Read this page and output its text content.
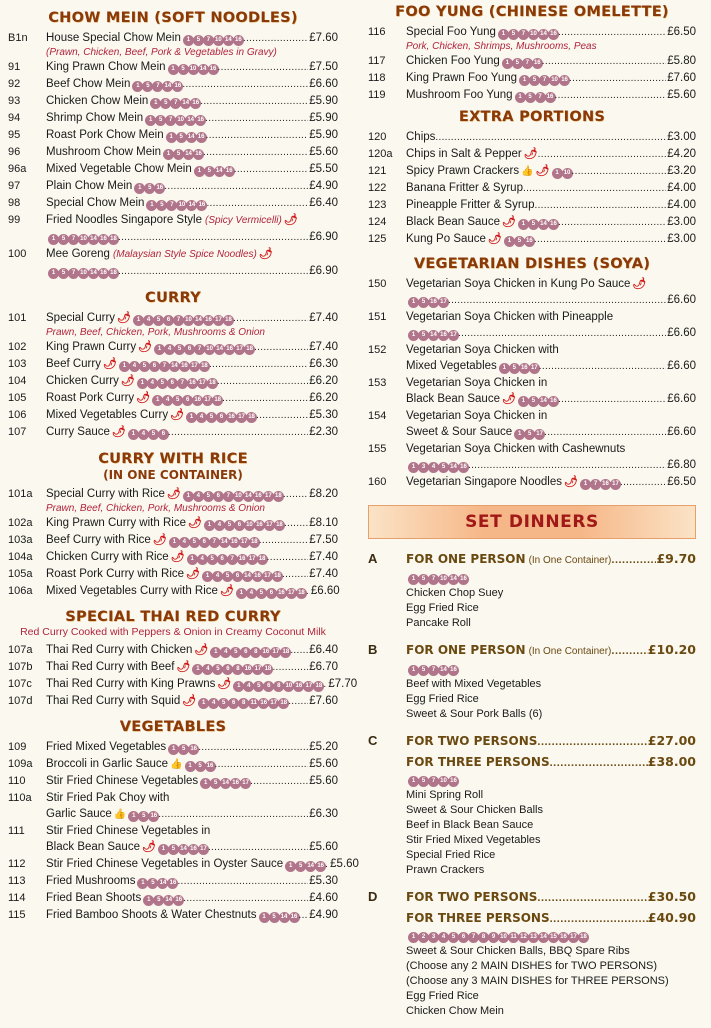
CHOW MEIN (SOFT NOODLES)
B1n	House Special Chow Mein 1	5	7 10 14 16 .....	£7.60
(Prawn, Chicken, Beef, Pork & Vegetables in Gravy)
91	King Prawn Chow Mein 1	5 10 14 16 .....	£7.50
92	Beef Chow Mein 1	5	7 14 16 .....	£6.60
93	Chicken Chow Mein 1	5	7 14 16 .....	£5.90
94	Shrimp Chow Mein 1	5	7 10 14 16 .....	£5.90
95	Roast Pork Chow Mein 1	5 14 16 .....	£5.90
96	Mushroom Chow Mein 1	5 14 16 .....	£5.60
96a	Mixed Vegetable Chow Mein 1	5 14 16 .....	£5.50
97	Plain Chow Mein 1	5 16 .....	£4.90
98	Special Chow Mein 1	5	7 10 14 16 .....	£6.40
99	Fried Noodles Singapore Style (Spicy Vermicelli) 🌶
1	5	7 10 14 16 18 .....	£6.90
100	Mee Goreng (Malaysian Style Spice Noodles) 🌶
1	5	7 10 14 16 18 .....	£6.90
CURRY
101	Special Curry 🌶 1	4	5	6	7 10 14 16 17 18 .....	£7.40
Prawn, Beef, Chicken, Pork, Mushrooms & Onion
102	King Prawn Curry 🌶 1	4	5	6	7 10 14 16 17 18 .....	£7.40
103	Beef Curry 🌶 1	4	5	6	7 14 16 17 18 .....	£6.30
104	Chicken Curry 🌶 1	4	5	6	7 16 17 18 .....	£6.20
105	Roast Pork Curry 🌶 1	4	5	6 16 17 18 .....	£6.20
106	Mixed Vegetables Curry 🌶 1	4	5	6 16 17 18 .....	£5.30
107	Curry Sauce 🌶 1	4	5	6 .....	£2.30
CURRY WITH RICE
(IN ONE CONTAINER)
101a	Special Curry with Rice 🌶 1	4	5	6	7 10 14 16 17 18 ..... £8.20
Prawn, Beef, Chicken, Pork, Mushrooms & Onion
102a	King Prawn Curry with Rice 🌶 1	4	5	6 10 16 17 18 ..... £8.10
103a	Beef Curry with Rice 🌶 1	4	5	6	7 14 16 17 18 .....	£7.50
104a	Chicken Curry with Rice 🌶 1	4	5	6	7 16 17 18 .....	£7.40
105a	Roast Pork Curry with Rice 🌶 1	4	5	6 14 16 17 18 ..... £7.40
106a	Mixed Vegetables Curry with Rice 🌶 1	4	5	6 16 17 18 ..... £6.60
SPECIAL THAI RED CURRY
Red Curry Cooked with Peppers & Onion in Creamy Coconut Milk
107a	Thai Red Curry with Chicken 🌶 1	4	5	6	8 16 17 18 ..... £6.40
107b	Thai Red Curry with Beef 🌶 1	4	5	6	8 16 17 18 .....	£6.70
107c	Thai Red Curry with King Prawns 🌶 1	4	5	6	8 10 16 17 18 ..... £7.70
107d	Thai Red Curry with Squid 🌶 1	4	5	6	8 11 16 17 18 ..... £7.60
VEGETABLES
109	Fried Mixed Vegetables 1	5 16 .....	£5.20
109a	Broccoli in Garlic Sauce 👍 1	5 16 .....	£5.60
110	Stir Fried Chinese Vegetables 1	5 14 16 17 .....	£5.60
110a	Stir Fried Pak Choy with
Garlic Sauce 👍 1	5 16 .....	£6.30
111	Stir Fried Chinese Vegetables in
Black Bean Sauce 🌶 1	5 14 16 17 .....	£5.60
112	Stir Fried Chinese Vegetables in Oyster Sauce 1	5 14 16 ..... £5.60
113	Fried Mushrooms 1	5 14 16 .....	£5.30
114	Fried Bean Shoots 1	5 14 16 .....	£4.60
115	Fried Bamboo Shoots & Water Chestnuts 1	5 14 16 ..... £4.90
FOO YUNG (CHINESE OMELETTE)
116	Special Foo Yung 1	5	7 10 14 16 .....	£6.50
Pork, Chicken, Shrimps, Mushrooms, Peas
117	Chicken Foo Yung 1	5	7 16 .....	£5.80
118	King Prawn Foo Yung 1	5	7 10 16 .....	£7.60
119	Mushroom Foo Yung 1	5	7 16 .....	£5.60
EXTRA PORTIONS
120	Chips .....	£3.00
120a	Chips in Salt & Pepper 🌶 .....	£4.20
121	Spicy Prawn Crackers 👍 🌶 1 10 .....	£3.20
122	Banana Fritter & Syrup .....	£4.00
123	Pineapple Fritter & Syrup .....	£4.00
124	Black Bean Sauce 🌶 1	5 14 16 .....	£3.00
125	Kung Po Sauce 🌶 1	5 16 .....	£3.00
VEGETARIAN DISHES (SOYA)
150	Vegetarian Soya Chicken in Kung Po Sauce 🌶
1	5 16 17 .....	£6.60
151	Vegetarian Soya Chicken with Pineapple
1	5 14 16 17 .....	£6.60
152	Vegetarian Soya Chicken with
Mixed Vegetables 1	5 16 17 .....	£6.60
153	Vegetarian Soya Chicken in
Black Bean Sauce 🌶 1	5 14 16 .....	£6.60
154	Vegetarian Soya Chicken in
Sweet & Sour Sauce 1	5 17 .....	£6.60
155	Vegetarian Soya Chicken with Cashewnuts
1	3	4	5 14 16 .....	£6.80
160	Vegetarian Singapore Noodles 🌶 1	7 16 17 .....	£6.50
SET DINNERS
A	FOR ONE PERSON (In One Container) .....	£9.70
1	5	7 10 14 16
Chicken Chop Suey
Egg Fried Rice
Pancake Roll
B	FOR ONE PERSON (In One Container) .....	£10.20
1	5	7 14 16
Beef with Mixed Vegetables
Egg Fried Rice
Sweet & Sour Pork Balls (6)
C	FOR TWO PERSONS .....	£27.00
FOR THREE PERSONS .....	£38.00
1	5	7 10 16
Mini Spring Roll
Sweet & Sour Chicken Balls
Beef in Black Bean Sauce
Stir Fried Mixed Vegetables
Special Fried Rice
Prawn Crackers
D	FOR TWO PERSONS .....	£30.50
FOR THREE PERSONS .....	£40.90
1	2	3	4	5	6	7	8	9 10 11 12 13 14 15 16 17 18
Sweet & Sour Chicken Balls, BBQ Spare Ribs
(Choose any 2 MAIN DISHES for TWO PERSONS)
(Choose any 3 MAIN DISHES for THREE PERSONS)
Egg Fried Rice
Chicken Chow Mein
